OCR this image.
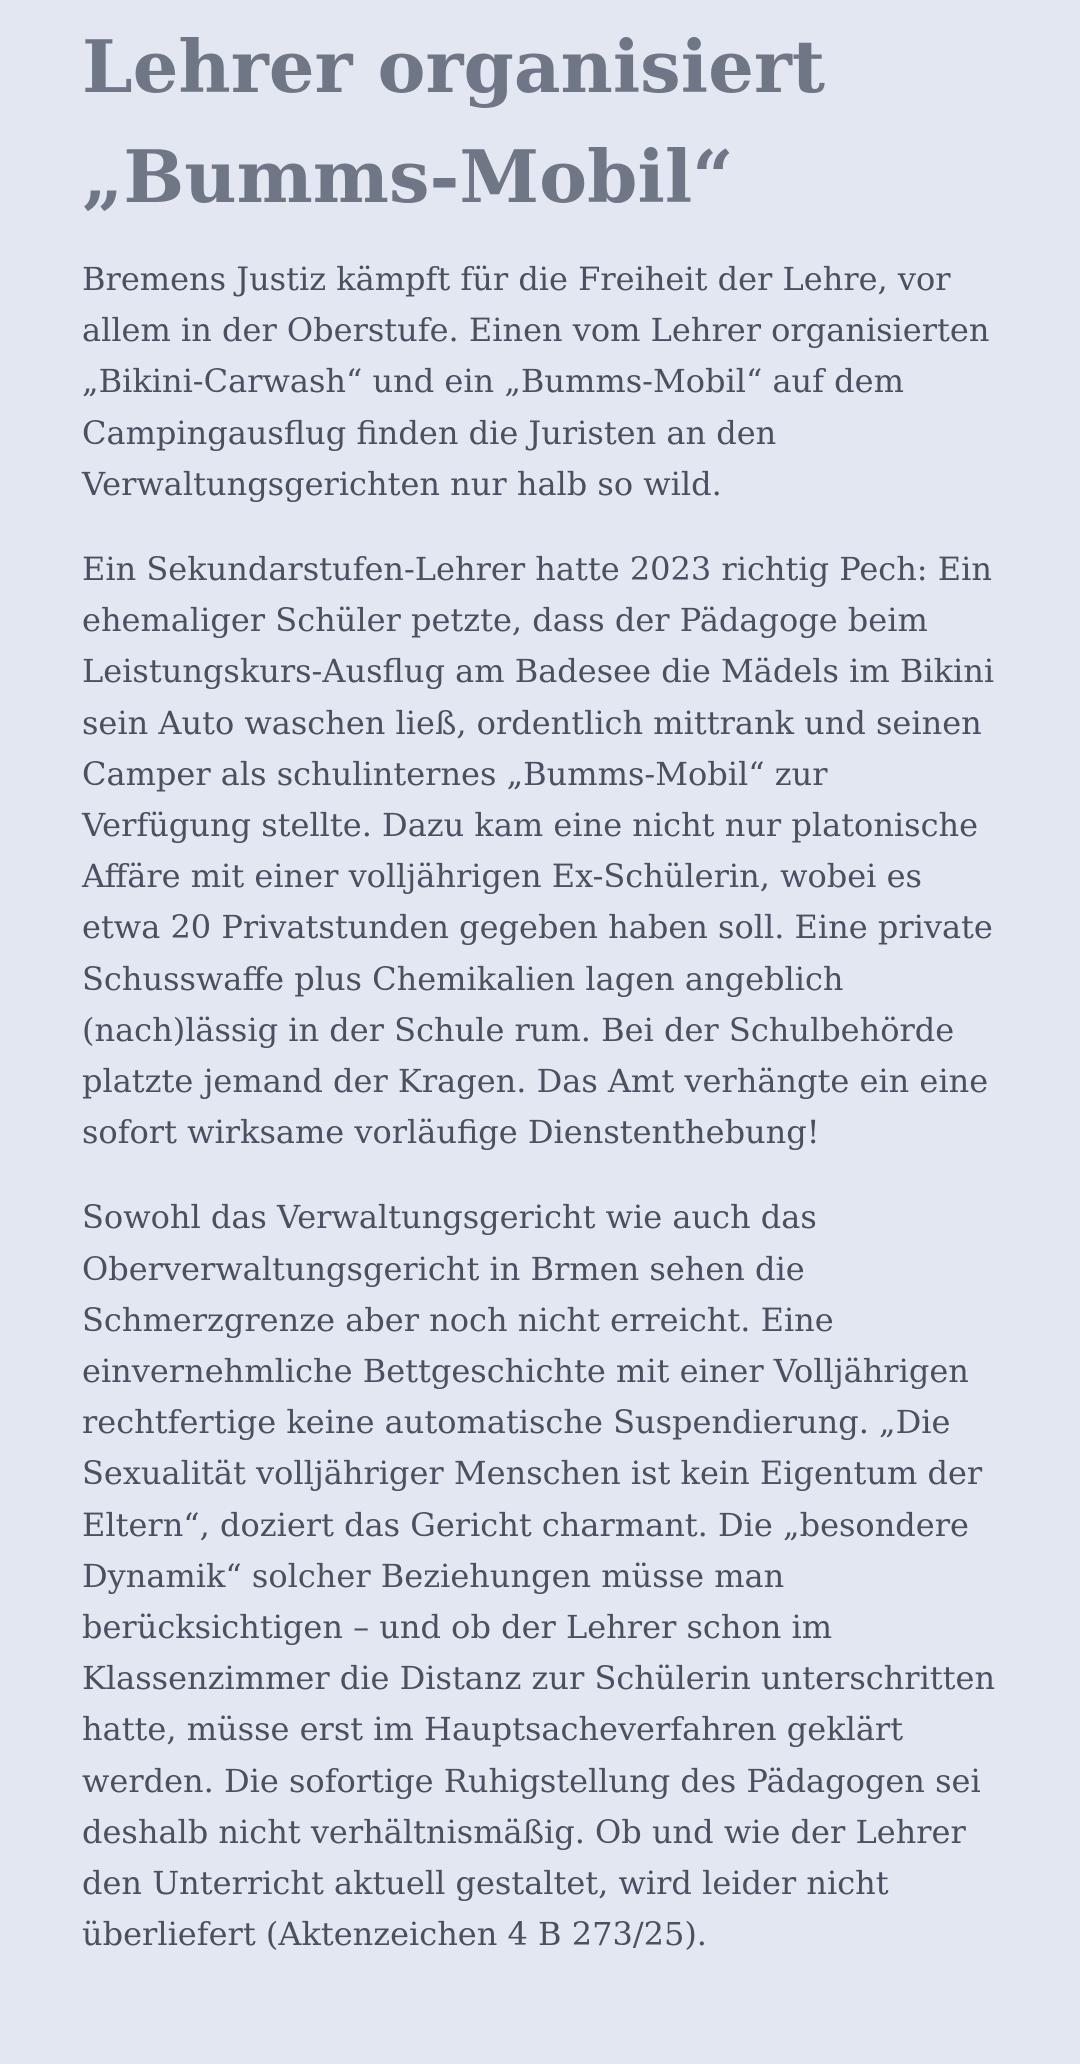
Lehrer organisiert
„Bumms-Mobil“

Bremens Justiz kämpft für die Freiheit der Lehre, vor
allem in der Oberstufe. Einen vom Lehrer organisierten
„Bikini-Carwash“ und ein „Bumms-Mobil“ auf dem
Campingausflug finden die Juristen an den
Verwaltungsgerichten nur halb so wild.

Ein Sekundarstufen-Lehrer hatte 2023 richtig Pech: Ein
ehemaliger Schüler petzte, dass der Pädagoge beim
Leistungskurs-Ausflug am Badesee die Mädels im Bikini
sein Auto waschen ließ, ordentlich mittrank und seinen
Camper als schulinternes „Bumms-Mobil“ zur
Verfügung stellte. Dazu kam eine nicht nur platonische
Affäre mit einer volljährigen Ex-Schülerin, wobei es
etwa 20 Privatstunden gegeben haben soll. Eine private
Schusswaffe plus Chemikalien lagen angeblich
(nach)lässig in der Schule rum. Bei der Schulbehörde
platzte jemand der Kragen. Das Amt verhängte ein eine
sofort wirksame vorläufige Dienstenthebung!

Sowohl das Verwaltungsgericht wie auch das
Oberverwaltungsgericht in Brmen sehen die
Schmerzgrenze aber noch nicht erreicht. Eine
einvernehmliche Bettgeschichte mit einer Volljährigen
rechtfertige keine automatische Suspendierung. „Die
Sexualität volljähriger Menschen ist kein Eigentum der
Eltern“, doziert das Gericht charmant. Die „besondere
Dynamik“ solcher Beziehungen müsse man
berücksichtigen – und ob der Lehrer schon im
Klassenzimmer die Distanz zur Schülerin unterschritten
hatte, müsse erst im Hauptsacheverfahren geklärt
werden. Die sofortige Ruhigstellung des Pädagogen sei
deshalb nicht verhältnismäßig. Ob und wie der Lehrer
den Unterricht aktuell gestaltet, wird leider nicht
überliefert (Aktenzeichen 4 B 273/25).
